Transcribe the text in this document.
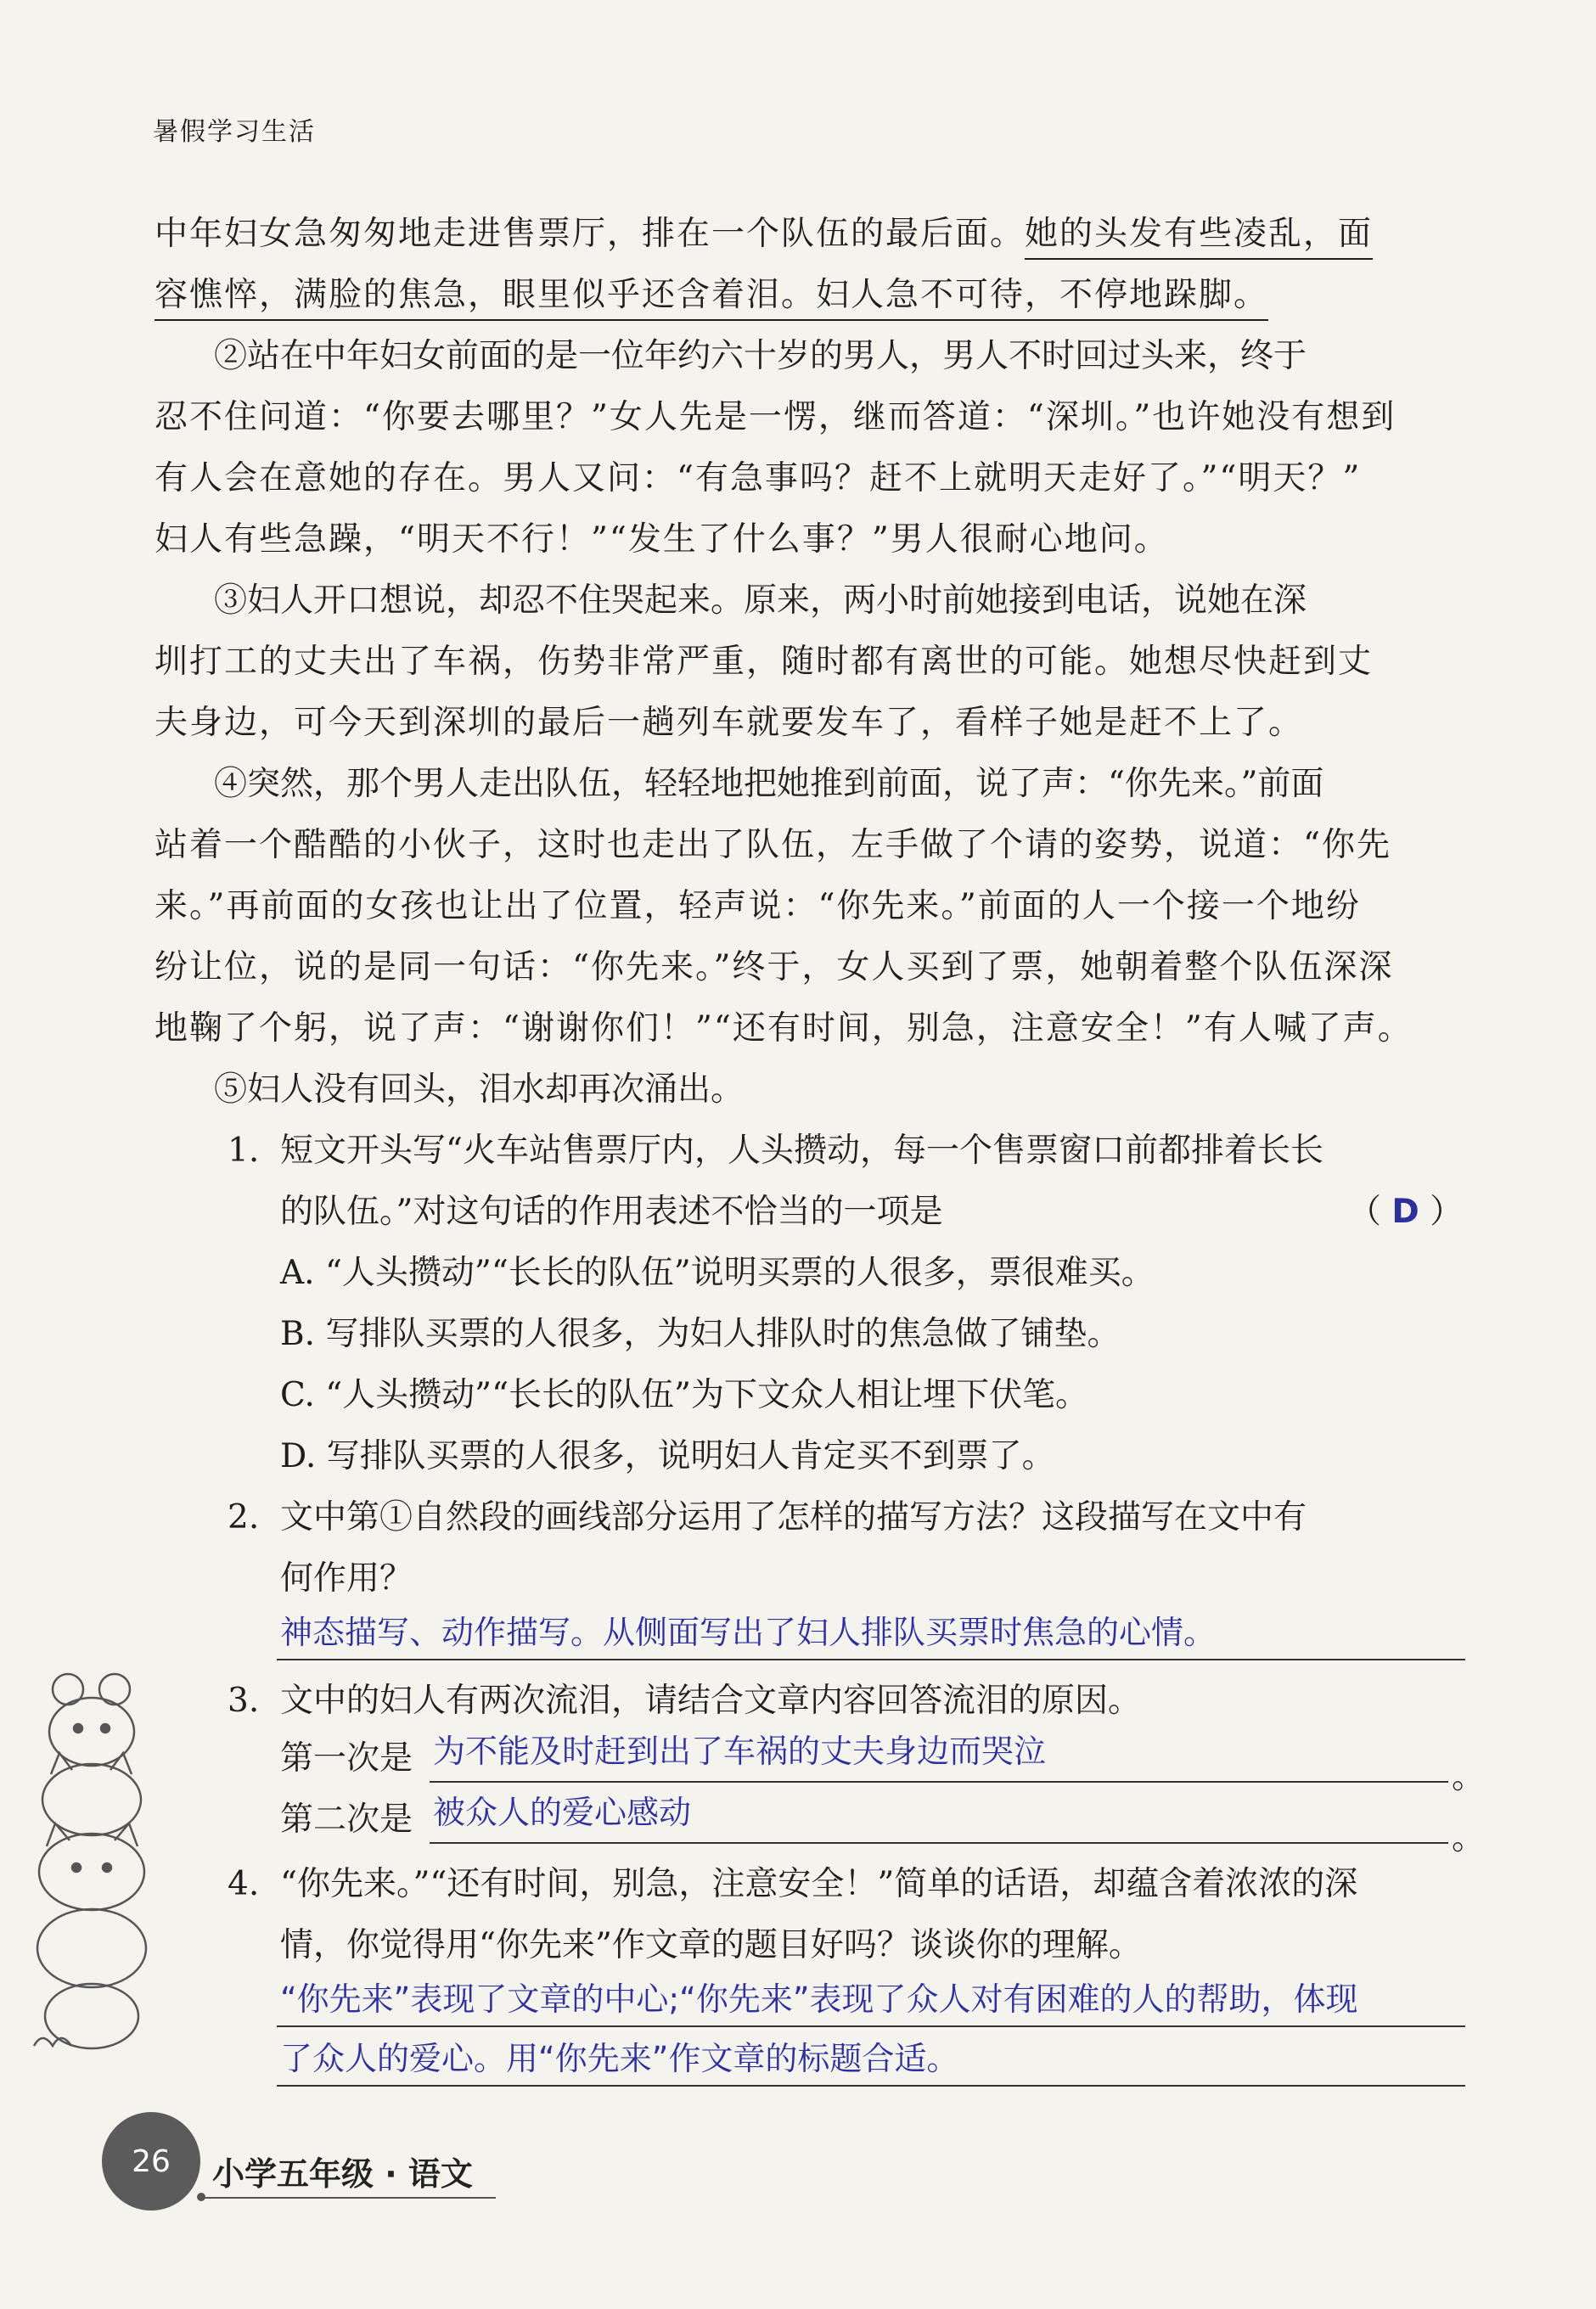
暑假学习生活
中年妇女急匆匆地走进售票厅，排在一个队伍的最后面。她的头发有些凌乱，面
容憔悴，满脸的焦急，眼里似乎还含着泪。妇人急不可待，不停地跺脚。
②站在中年妇女前面的是一位年约六十岁的男人，男人不时回过头来，终于
忍不住问道：“你要去哪里？”女人先是一愣，继而答道：“深圳。”也许她没有想到
有人会在意她的存在。男人又问：“有急事吗？赶不上就明天走好了。”“明天？”
妇人有些急躁，“明天不行！”“发生了什么事？”男人很耐心地问。
③妇人开口想说，却忍不住哭起来。原来，两小时前她接到电话，说她在深
圳打工的丈夫出了车祸，伤势非常严重，随时都有离世的可能。她想尽快赶到丈
夫身边，可今天到深圳的最后一趟列车就要发车了，看样子她是赶不上了。
④突然，那个男人走出队伍，轻轻地把她推到前面，说了声：“你先来。”前面
站着一个酷酷的小伙子，这时也走出了队伍，左手做了个请的姿势，说道：“你先
来。”再前面的女孩也让出了位置，轻声说：“你先来。”前面的人一个接一个地纷
纷让位，说的是同一句话：“你先来。”终于，女人买到了票，她朝着整个队伍深深
地鞠了个躬，说了声：“谢谢你们！”“还有时间，别急，注意安全！”有人喊了声。
⑤妇人没有回头，泪水却再次涌出。
1. 短文开头写“火车站售票厅内，人头攒动，每一个售票窗口前都排着长长
的队伍。”对这句话的作用表述不恰当的一项是	（ D ）
A. “人头攒动”“长长的队伍”说明买票的人很多，票很难买。
B. 写排队买票的人很多，为妇人排队时的焦急做了铺垫。
C. “人头攒动”“长长的队伍”为下文众人相让埋下伏笔。
D. 写排队买票的人很多，说明妇人肯定买不到票了。
2. 文中第①自然段的画线部分运用了怎样的描写方法？这段描写在文中有
何作用？
神态描写、动作描写。从侧面写出了妇人排队买票时焦急的心情。
3. 文中的妇人有两次流泪，请结合文章内容回答流泪的原因。
第一次是 为不能及时赶到出了车祸的丈夫身边而哭泣
。
第二次是 被众人的爱心感动
。
4. “你先来。”“还有时间，别急，注意安全！”简单的话语，却蕴含着浓浓的深
情，你觉得用“你先来”作文章的题目好吗？谈谈你的理解。
“你先来”表现了文章的中心;“你先来”表现了众人对有困难的人的帮助，体现
了众人的爱心。用“你先来”作文章的标题合适。
26	小学五年级 · 语文
